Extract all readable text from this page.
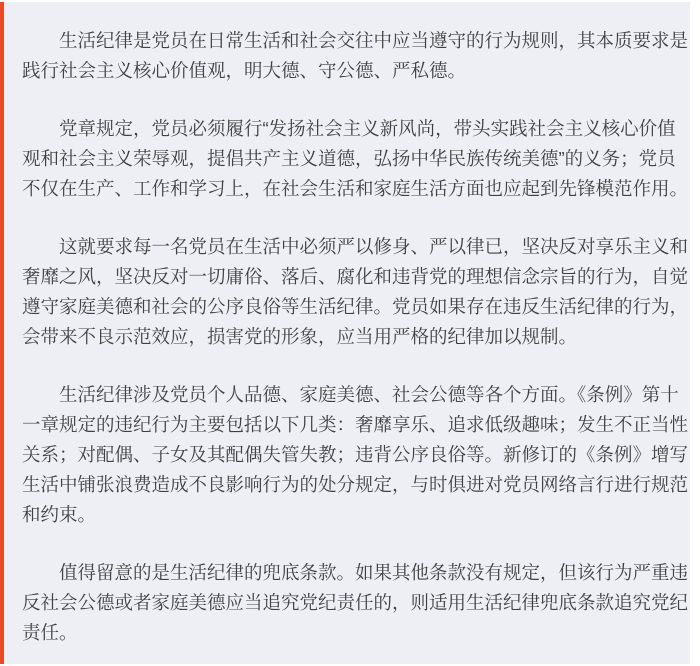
生活纪律是党员在日常生活和社会交往中应当遵守的行为规则，其本质要求是践行社会主义核心价值观，明大德、守公德、严私德。

党章规定，党员必须履行“发扬社会主义新风尚，带头实践社会主义核心价值观和社会主义荣辱观，提倡共产主义道德，弘扬中华民族传统美德”的义务；党员不仅在生产、工作和学习上，在社会生活和家庭生活方面也应起到先锋模范作用。

这就要求每一名党员在生活中必须严以修身、严以律已，坚决反对享乐主义和奢靡之风，坚决反对一切庸俗、落后、腐化和违背党的理想信念宗旨的行为，自觉遵守家庭美德和社会的公序良俗等生活纪律。党员如果存在违反生活纪律的行为，会带来不良示范效应，损害党的形象，应当用严格的纪律加以规制。

生活纪律涉及党员个人品德、家庭美德、社会公德等各个方面。《条例》第十一章规定的违纪行为主要包括以下几类：奢靡享乐、追求低级趣味；发生不正当性关系；对配偶、子女及其配偶失管失教；违背公序良俗等。新修订的《条例》增写生活中铺张浪费造成不良影响行为的处分规定，与时俱进对党员网络言行进行规范和约束。

值得留意的是生活纪律的兜底条款。如果其他条款没有规定，但该行为严重违反社会公德或者家庭美德应当追究党纪责任的，则适用生活纪律兜底条款追究党纪责任。
